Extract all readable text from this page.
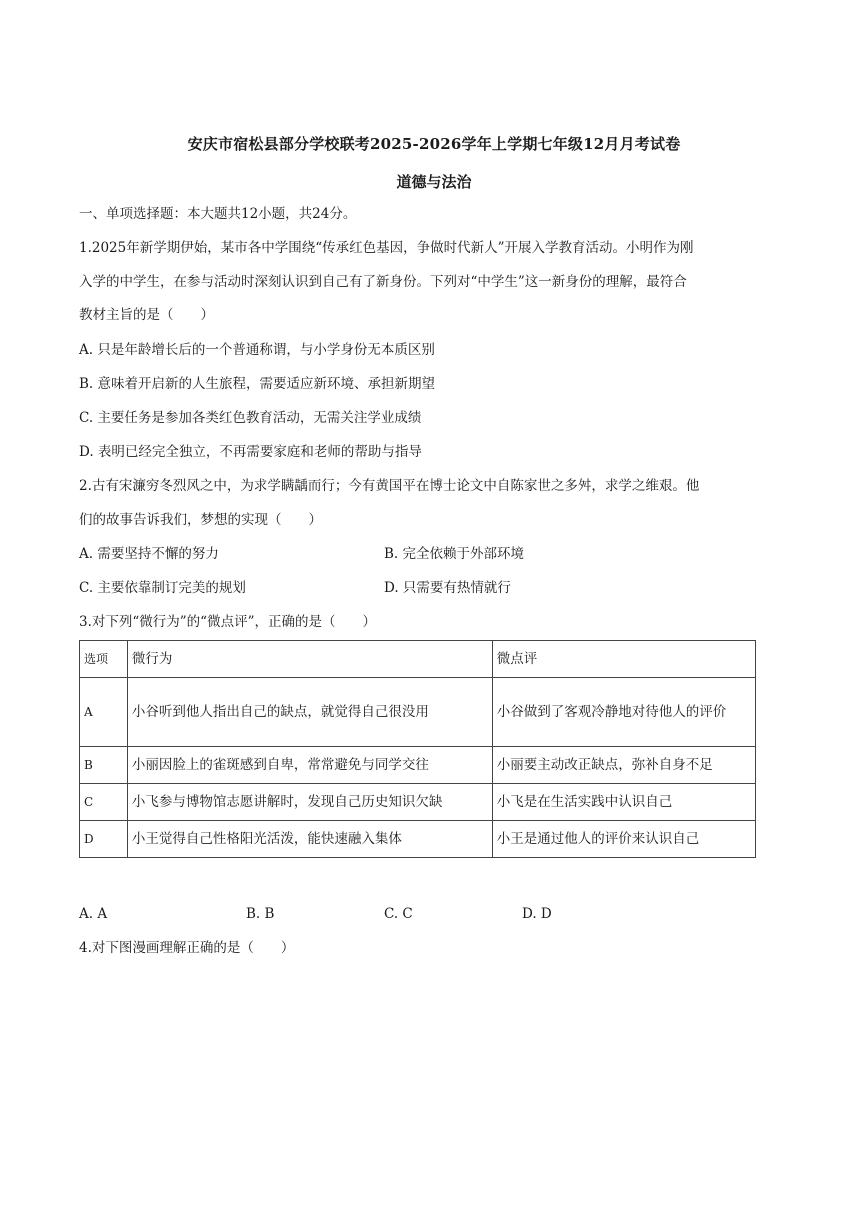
安庆市宿松县部分学校联考2025-2026学年上学期七年级12月月考试卷
道德与法治
一、单项选择题：本大题共12小题，共24分。
1.2025年新学期伊始，某市各中学围绕“传承红色基因，争做时代新人”开展入学教育活动。小明作为刚
入学的中学生，在参与活动时深刻认识到自己有了新身份。下列对“中学生”这一新身份的理解，最符合
教材主旨的是（　　）
A. 只是年龄增长后的一个普通称谓，与小学身份无本质区别
B. 意味着开启新的人生旅程，需要适应新环境、承担新期望
C. 主要任务是参加各类红色教育活动，无需关注学业成绩
D. 表明已经完全独立，不再需要家庭和老师的帮助与指导
2.古有宋濂穷冬烈风之中，为求学瞒龋而行；今有黄国平在博士论文中自陈家世之多舛，求学之维艰。他
们的故事告诉我们，梦想的实现（　　）
A. 需要坚持不懈的努力	B. 完全依赖于外部环境
C. 主要依靠制订完美的规划	D. 只需要有热情就行
3.对下列“微行为”的“微点评”，正确的是（　　）
选项	微行为	微点评
A	小谷听到他人指出自己的缺点，就觉得自己很没用	小谷做到了客观冷静地对待他人的评价
B	小丽因脸上的雀斑感到自卑，常常避免与同学交往	小丽要主动改正缺点，弥补自身不足
C	小飞参与博物馆志愿讲解时，发现自己历史知识欠缺	小飞是在生活实践中认识自己
D	小王觉得自己性格阳光活泼，能快速融入集体	小王是通过他人的评价来认识自己
A. A	B. B	C. C	D. D
4.对下图漫画理解正确的是（　　）
